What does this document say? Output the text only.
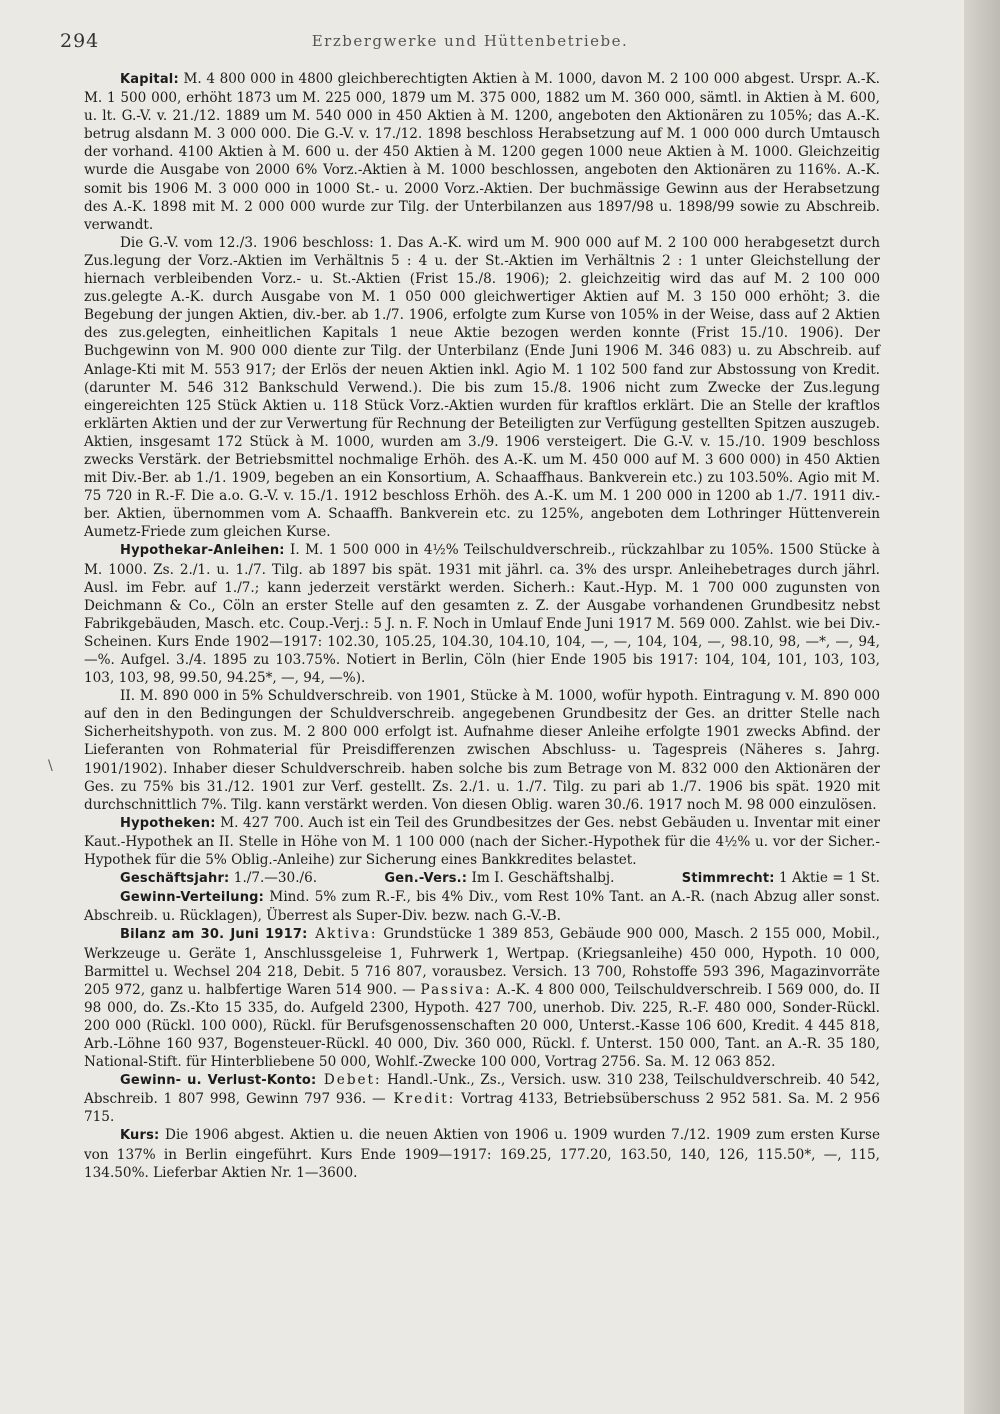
294	Erzbergwerke und Hüttenbetriebe.
\

Kapital: M. 4 800 000 in 4800 gleichberechtigten Aktien à M. 1000, davon M. 2 100 000 abgest. Urspr. A.-K. M. 1 500 000, erhöht 1873 um M. 225 000, 1879 um M. 375 000, 1882 um M. 360 000, sämtl. in Aktien à M. 600, u. lt. G.-V. v. 21./12. 1889 um M. 540 000 in 450 Aktien à M. 1200, angeboten den Aktionären zu 105%; das A.-K. betrug alsdann M. 3 000 000. Die G.-V. v. 17./12. 1898 beschloss Herabsetzung auf M. 1 000 000 durch Umtausch der vorhand. 4100 Aktien à M. 600 u. der 450 Aktien à M. 1200 gegen 1000 neue Aktien à M. 1000. Gleichzeitig wurde die Ausgabe von 2000 6% Vorz.-Aktien à M. 1000 beschlossen, angeboten den Aktionären zu 116%. A.-K. somit bis 1906 M. 3 000 000 in 1000 St.- u. 2000 Vorz.-Aktien. Der buchmässige Gewinn aus der Herabsetzung des A.-K. 1898 mit M. 2 000 000 wurde zur Tilg. der Unterbilanzen aus 1897/98 u. 1898/99 sowie zu Abschreib. verwandt.

Die G.-V. vom 12./3. 1906 beschloss: 1. Das A.-K. wird um M. 900 000 auf M. 2 100 000 herabgesetzt durch Zus.legung der Vorz.-Aktien im Verhältnis 5 : 4 u. der St.-Aktien im Verhältnis 2 : 1 unter Gleichstellung der hiernach verbleibenden Vorz.- u. St.-Aktien (Frist 15./8. 1906); 2. gleichzeitig wird das auf M. 2 100 000 zus.gelegte A.-K. durch Ausgabe von M. 1 050 000 gleichwertiger Aktien auf M. 3 150 000 erhöht; 3. die Begebung der jungen Aktien, div.-ber. ab 1./7. 1906, erfolgte zum Kurse von 105% in der Weise, dass auf 2 Aktien des zus.gelegten, einheitlichen Kapitals 1 neue Aktie bezogen werden konnte (Frist 15./10. 1906). Der Buchgewinn von M. 900 000 diente zur Tilg. der Unterbilanz (Ende Juni 1906 M. 346 083) u. zu Abschreib. auf Anlage-Kti mit M. 553 917; der Erlös der neuen Aktien inkl. Agio M. 1 102 500 fand zur Abstossung von Kredit. (darunter M. 546 312 Bankschuld Verwend.). Die bis zum 15./8. 1906 nicht zum Zwecke der Zus.legung eingereichten 125 Stück Aktien u. 118 Stück Vorz.-Aktien wurden für kraftlos erklärt. Die an Stelle der kraftlos erklärten Aktien und der zur Verwertung für Rechnung der Beteiligten zur Verfügung gestellten Spitzen auszugeb. Aktien, insgesamt 172 Stück à M. 1000, wurden am 3./9. 1906 versteigert. Die G.-V. v. 15./10. 1909 beschloss zwecks Verstärk. der Betriebsmittel nochmalige Erhöh. des A.-K. um M. 450 000 auf M. 3 600 000) in 450 Aktien mit Div.-Ber. ab 1./1. 1909, begeben an ein Konsortium, A. Schaaffhaus. Bankverein etc.) zu 103.50%. Agio mit M. 75 720 in R.-F. Die a.o. G.-V. v. 15./1. 1912 beschloss Erhöh. des A.-K. um M. 1 200 000 in 1200 ab 1./7. 1911 div.-ber. Aktien, übernommen vom A. Schaaffh. Bankverein etc. zu 125%, angeboten dem Lothringer Hüttenverein Aumetz-Friede zum gleichen Kurse.

Hypothekar-Anleihen: I. M. 1 500 000 in 4½% Teilschuldverschreib., rückzahlbar zu 105%. 1500 Stücke à M. 1000. Zs. 2./1. u. 1./7. Tilg. ab 1897 bis spät. 1931 mit jährl. ca. 3% des urspr. Anleihebetrages durch jährl. Ausl. im Febr. auf 1./7.; kann jederzeit verstärkt werden. Sicherh.: Kaut.-Hyp. M. 1 700 000 zugunsten von Deichmann & Co., Cöln an erster Stelle auf den gesamten z. Z. der Ausgabe vorhandenen Grundbesitz nebst Fabrikgebäuden, Masch. etc. Coup.-Verj.: 5 J. n. F. Noch in Umlauf Ende Juni 1917 M. 569 000. Zahlst. wie bei Div.-Scheinen. Kurs Ende 1902—1917: 102.30, 105.25, 104.30, 104.10, 104, —, —, 104, 104, —, 98.10, 98, —*, —, 94, —%. Aufgel. 3./4. 1895 zu 103.75%. Notiert in Berlin, Cöln (hier Ende 1905 bis 1917: 104, 104, 101, 103, 103, 103, 103, 98, 99.50, 94.25*, —, 94, —%).

II. M. 890 000 in 5% Schuldverschreib. von 1901, Stücke à M. 1000, wofür hypoth. Eintragung v. M. 890 000 auf den in den Bedingungen der Schuldverschreib. angegebenen Grundbesitz der Ges. an dritter Stelle nach Sicherheitshypoth. von zus. M. 2 800 000 erfolgt ist. Aufnahme dieser Anleihe erfolgte 1901 zwecks Abfind. der Lieferanten von Rohmaterial für Preisdifferenzen zwischen Abschluss- u. Tagespreis (Näheres s. Jahrg. 1901/1902). Inhaber dieser Schuldverschreib. haben solche bis zum Betrage von M. 832 000 den Aktionären der Ges. zu 75% bis 31./12. 1901 zur Verf. gestellt. Zs. 2./1. u. 1./7. Tilg. zu pari ab 1./7. 1906 bis spät. 1920 mit durchschnittlich 7%. Tilg. kann verstärkt werden. Von diesen Oblig. waren 30./6. 1917 noch M. 98 000 einzulösen.

Hypotheken: M. 427 700. Auch ist ein Teil des Grundbesitzes der Ges. nebst Gebäuden u. Inventar mit einer Kaut.-Hypothek an II. Stelle in Höhe von M. 1 100 000 (nach der Sicher.-Hypothek für die 4½% u. vor der Sicher.-Hypothek für die 5% Oblig.-Anleihe) zur Sicherung eines Bankkredites belastet.

Geschäftsjahr: 1./7.—30./6.	Gen.-Vers.: Im I. Geschäftshalbj.	Stimmrecht: 1 Aktie = 1 St.

Gewinn-Verteilung: Mind. 5% zum R.-F., bis 4% Div., vom Rest 10% Tant. an A.-R. (nach Abzug aller sonst. Abschreib. u. Rücklagen), Überrest als Super-Div. bezw. nach G.-V.-B.

Bilanz am 30. Juni 1917: Aktiva: Grundstücke 1 389 853, Gebäude 900 000, Masch. 2 155 000, Mobil., Werkzeuge u. Geräte 1, Anschlussgeleise 1, Fuhrwerk 1, Wertpap. (Kriegsanleihe) 450 000, Hypoth. 10 000, Barmittel u. Wechsel 204 218, Debit. 5 716 807, vorausbez. Versich. 13 700, Rohstoffe 593 396, Magazinvorräte 205 972, ganz u. halbfertige Waren 514 900. — Passiva: A.-K. 4 800 000, Teilschuldverschreib. I 569 000, do. II 98 000, do. Zs.-Kto 15 335, do. Aufgeld 2300, Hypoth. 427 700, unerhob. Div. 225, R.-F. 480 000, Sonder-Rückl. 200 000 (Rückl. 100 000), Rückl. für Berufsgenossenschaften 20 000, Unterst.-Kasse 106 600, Kredit. 4 445 818, Arb.-Löhne 160 937, Bogensteuer-Rückl. 40 000, Div. 360 000, Rückl. f. Unterst. 150 000, Tant. an A.-R. 35 180, National-Stift. für Hinterbliebene 50 000, Wohlf.-Zwecke 100 000, Vortrag 2756. Sa. M. 12 063 852.

Gewinn- u. Verlust-Konto: Debet: Handl.-Unk., Zs., Versich. usw. 310 238, Teilschuldverschreib. 40 542, Abschreib. 1 807 998, Gewinn 797 936. — Kredit: Vortrag 4133, Betriebsüberschuss 2 952 581. Sa. M. 2 956 715.

Kurs: Die 1906 abgest. Aktien u. die neuen Aktien von 1906 u. 1909 wurden 7./12. 1909 zum ersten Kurse von 137% in Berlin eingeführt. Kurs Ende 1909—1917: 169.25, 177.20, 163.50, 140, 126, 115.50*, —, 115, 134.50%. Lieferbar Aktien Nr. 1—3600.
